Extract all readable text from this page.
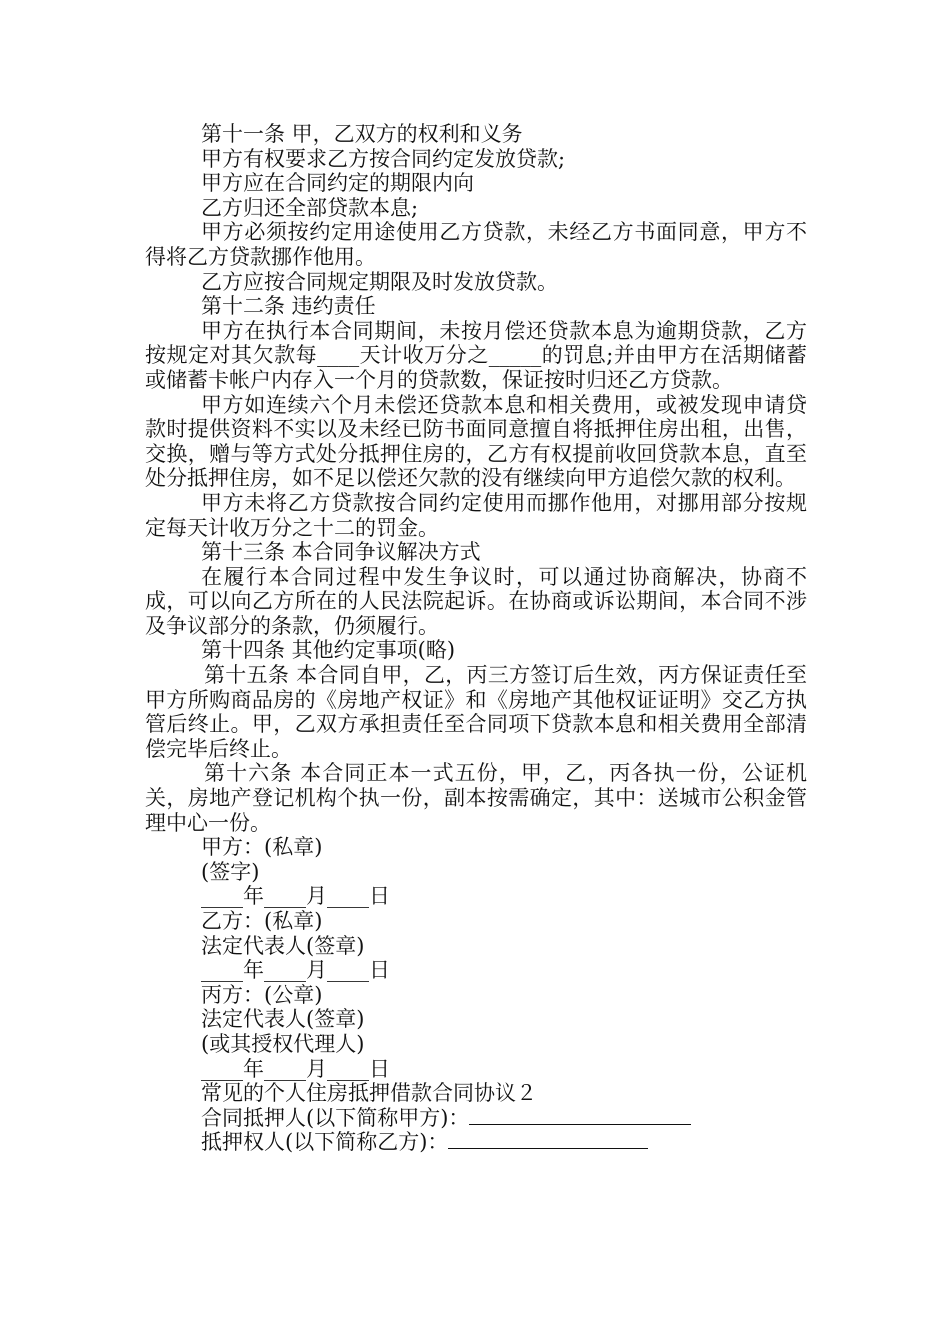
第十一条 甲，乙双方的权利和义务

甲方有权要求乙方按合同约定发放贷款;

甲方应在合同约定的期限内向

乙方归还全部贷款本息;

甲方必须按约定用途使用乙方贷款，未经乙方书面同意，甲方不得将乙方贷款挪作他用。

乙方应按合同规定期限及时发放贷款。

第十二条 违约责任

甲方在执行本合同期间，未按月偿还贷款本息为逾期贷款，乙方按规定对其欠款每____天计收万分之_____的罚息;并由甲方在活期储蓄或储蓄卡帐户内存入一个月的贷款数，保证按时归还乙方贷款。

甲方如连续六个月未偿还贷款本息和相关费用，或被发现申请贷款时提供资料不实以及未经已防书面同意擅自将抵押住房出租，出售，交换，赠与等方式处分抵押住房的，乙方有权提前收回贷款本息，直至处分抵押住房，如不足以偿还欠款的没有继续向甲方追偿欠款的权利。

甲方未将乙方贷款按合同约定使用而挪作他用，对挪用部分按规定每天计收万分之十二的罚金。

第十三条 本合同争议解决方式

在履行本合同过程中发生争议时，可以通过协商解决，协商不成，可以向乙方所在的人民法院起诉。在协商或诉讼期间，本合同不涉及争议部分的条款，仍须履行。

第十四条 其他约定事项(略)

第十五条 本合同自甲，乙，丙三方签订后生效，丙方保证责任至甲方所购商品房的《房地产权证》和《房地产其他权证证明》交乙方执管后终止。甲，乙双方承担责任至合同项下贷款本息和相关费用全部清偿完毕后终止。

第十六条 本合同正本一式五份，甲，乙，丙各执一份，公证机关，房地产登记机构个执一份，副本按需确定，其中：送城市公积金管理中心一份。

甲方：(私章)

(签字)

____年____月____日

乙方：(私章)

法定代表人(签章)

____年____月____日

丙方：(公章)

法定代表人(签章)

(或其授权代理人)

____年____月____日

常见的个人住房抵押借款合同协议２

合同抵押人(以下简称甲方)：

抵押权人(以下简称乙方)：
